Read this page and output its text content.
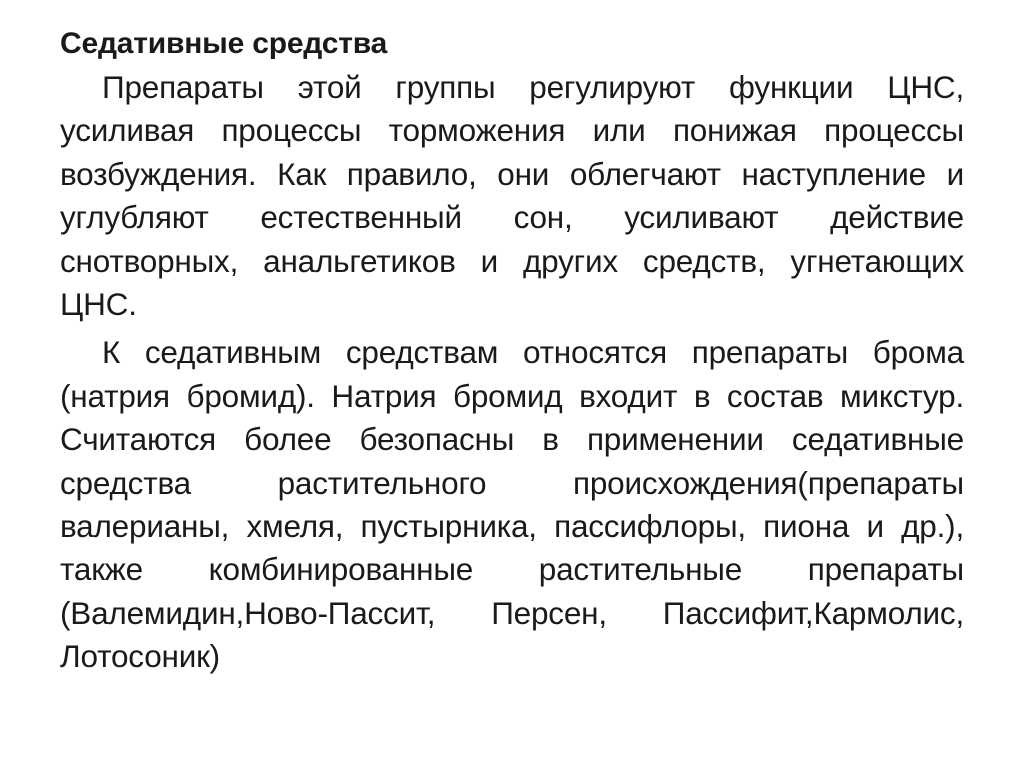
Седативные средства

Препараты этой группы регулируют функции ЦНС, усиливая процессы торможения или понижая процессы возбуждения. Как правило, они облегчают наступление и углубляют естественный сон, усиливают действие снотворных, анальгетиков и других средств, угнетающих ЦНС.

К седативным средствам относятся препараты брома (натрия бромид). Натрия бромид входит в состав микстур. Считаются более безопасны в применении седативные средства растительного происхождения(препараты валерианы, хмеля, пустырника, пассифлоры, пиона и др.), также комбинированные растительные препараты (Валемидин,Ново-Пассит, Персен, Пассифит,Кармолис, Лотосоник)
